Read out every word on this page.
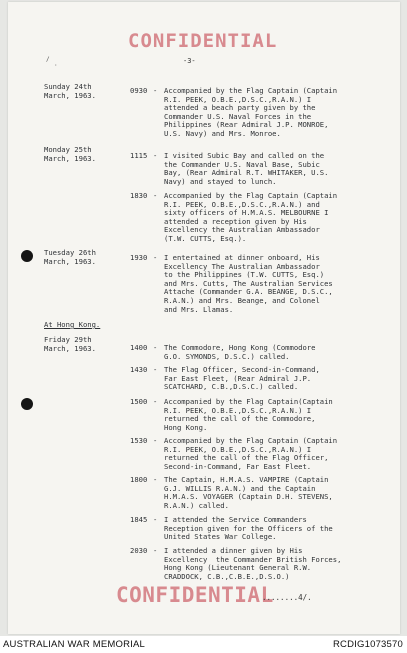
/
·
CONFIDENTIAL
-3-
Sunday 24th
March, 1963.
Monday 25th
March, 1963.
Tuesday 26th
March, 1963.
At Hong Kong.
Friday 29th
March, 1963.
0930 - Accompanied by the Flag Captain (Captain
R.I. PEEK, O.B.E.,D.S.C.,R.A.N.) I
attended a beach party given by the
Commander U.S. Naval Forces in the
Philippines (Rear Admiral J.P. MONROE,
U.S. Navy) and Mrs. Monroe.
1115 - I visited Subic Bay and called on the
the Commander U.S. Naval Base, Subic
Bay, (Rear Admiral R.T. WHITAKER, U.S.
Navy) and stayed to lunch.
1830 - Accompanied by the Flag Captain (Captain
R.I. PEEK, O.B.E.,D.S.C.,R.A.N.) and
sixty officers of H.M.A.S. MELBOURNE I
attended a reception given by His
Excellency the Australian Ambassador
(T.W. CUTTS, Esq.).
1930 - I entertained at dinner onboard, His
Excellency The Australian Ambassador
to the Philippines (T.W. CUTTS, Esq.)
and Mrs. Cutts, The Australian Services
Attache (Commander G.A. BEANGE, D.S.C.,
R.A.N.) and Mrs. Beange, and Colonel
and Mrs. Llamas.
1400 - The Commodore, Hong Kong (Commodore
G.O. SYMONDS, D.S.C.) called.
1430 - The Flag Officer, Second-in-Command,
Far East Fleet, (Rear Admiral J.P.
SCATCHARD, C.B.,D.S.C.) called.
1500 - Accompanied by the Flag Captain(Captain
R.I. PEEK, O.B.E.,D.S.C.,R.A.N.) I
returned the call of the Commodore,
Hong Kong.
1530 - Accompanied by the Flag Captain (Captain
R.I. PEEK, O.B.E.,D.S.C.,R.A.N.) I
returned the call of the Flag Officer,
Second-in-Command, Far East Fleet.
1800 - The Captain, H.M.A.S. VAMPIRE (Captain
G.J. WILLIS R.A.N.) and the Captain
H.M.A.S. VOYAGER (Captain D.H. STEVENS,
R.A.N.) called.
1845 - I attended the Service Commanders
Reception given for the Officers of the
United States War College.
2030 - I attended a dinner given by His
Excellency  the Commander British Forces,
Hong Kong (Lieutenant General R.W.
CRADDOCK, C.B.,C.B.E.,D.S.O.)
CONFIDENTIAL
........4/.
AUSTRALIAN WAR MEMORIAL	RCDIG1073570
